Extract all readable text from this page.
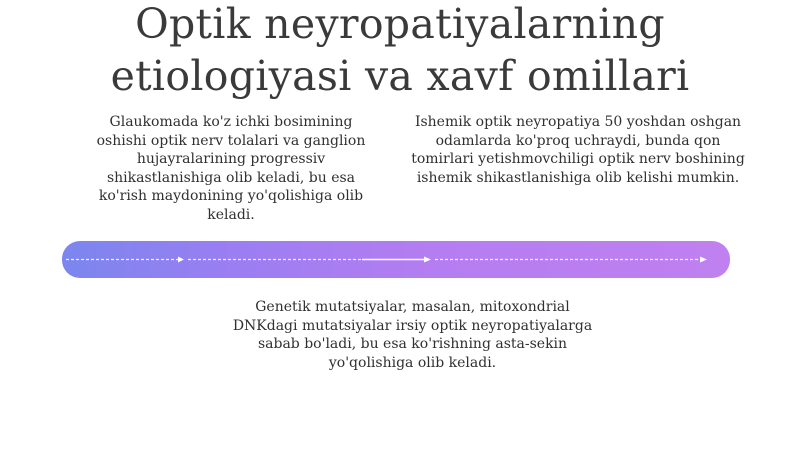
Optik neyropatiyalarning
etiologiyasi va xavf omillari
Glaukomada ko'z ichki bosimining oshishi optik nerv tolalari va ganglion hujayralarining progressiv shikastlanishiga olib keladi, bu esa ko'rish maydonining yo'qolishiga olib keladi.
Ishemik optik neyropatiya 50 yoshdan oshgan odamlarda ko'proq uchraydi, bunda qon tomirlari yetishmovchiligi optik nerv boshining ishemik shikastlanishiga olib kelishi mumkin.
Genetik mutatsiyalar, masalan, mitoxondrial DNKdagi mutatsiyalar irsiy optik neyropatiyalarga sabab bo'ladi, bu esa ko'rishning asta-sekin yo'qolishiga olib keladi.
